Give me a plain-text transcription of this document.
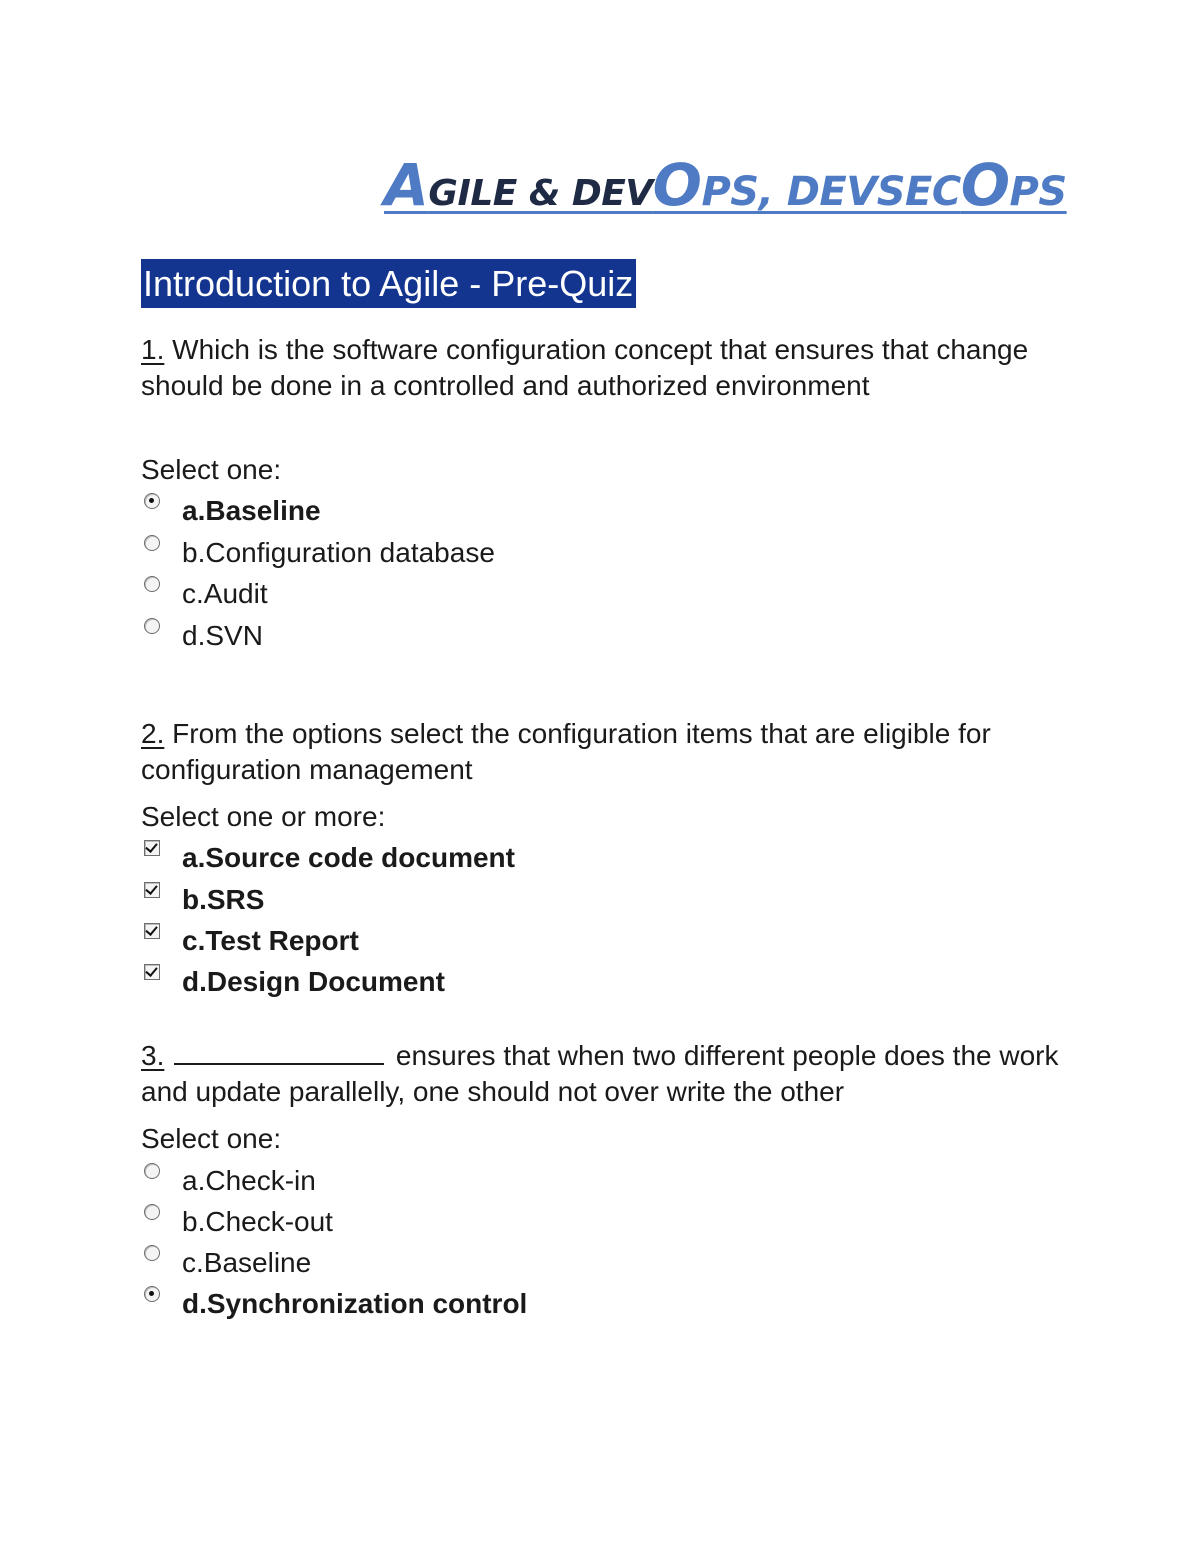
AGILE & DEVOPS, DEVSECOPS
Introduction to Agile - Pre-Quiz
1. Which is the software configuration concept that ensures that change should be done in a controlled and authorized environment
Select one:
a.Baseline
b.Configuration database
c.Audit
d.SVN
2. From the options select the configuration items that are eligible for configuration management
Select one or more:
a.Source code document
b.SRS
c.Test Report
d.Design Document
3.	ensures that when two different people does the work and update parallelly, one should not over write the other
Select one:
a.Check-in
b.Check-out
c.Baseline
d.Synchronization control
